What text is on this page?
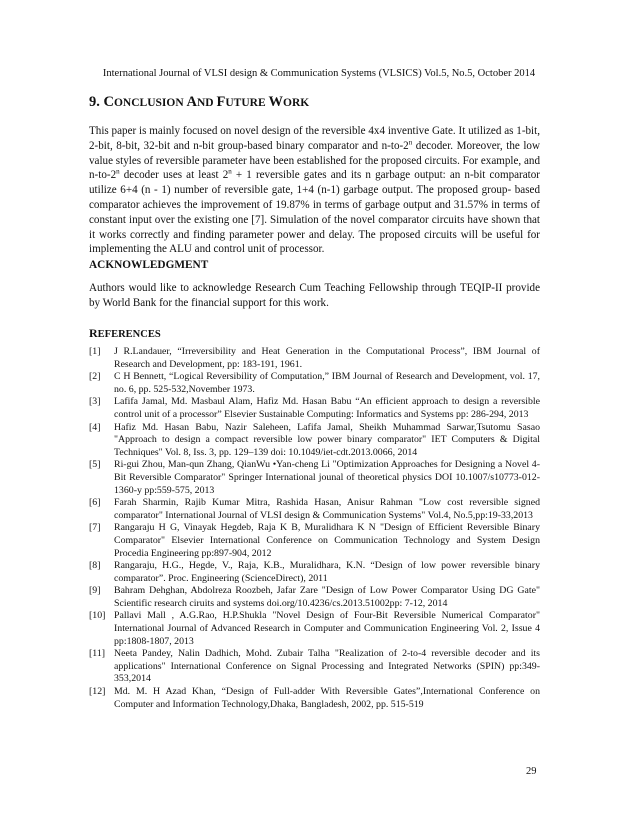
International Journal of VLSI design & Communication Systems (VLSICS) Vol.5, No.5, October 2014
9. CONCLUSION AND FUTURE WORK
This paper is mainly focused on novel design of the reversible 4x4 inventive Gate. It utilized as 1-bit, 2-bit, 8-bit, 32-bit and n-bit group-based binary comparator and n-to-2$^n$ decoder. Moreover, the low value styles of reversible parameter have been established for the proposed circuits. For example, and n-to-2$^n$ decoder uses at least $2^n + 1$ reversible gates and its n garbage output: an n-bit comparator utilize 6+4 (n - 1) number of reversible gate, 1+4 (n-1) garbage output. The proposed group- based comparator achieves the improvement of 19.87% in terms of garbage output and 31.57% in terms of constant input over the existing one [7]. Simulation of the novel comparator circuits have shown that it works correctly and finding parameter power and delay. The proposed circuits will be useful for implementing the ALU and control unit of processor.
ACKNOWLEDGMENT
Authors would like to acknowledge Research Cum Teaching Fellowship through TEQIP-II provide by World Bank for the financial support for this work.
REFERENCES
[1] J R.Landauer, “Irreversibility and Heat Generation in the Computational Process”, IBM Journal of Research and Development, pp: 183-191, 1961.
[2] C H Bennett, “Logical Reversibility of Computation,” IBM Journal of Research and Development, vol. 17, no. 6, pp. 525-532,November 1973.
[3] Lafifa Jamal, Md. Masbaul Alam, Hafiz Md. Hasan Babu “An efficient approach to design a reversible control unit of a processor” Elsevier Sustainable Computing: Informatics and Systems pp: 286-294, 2013
[4] Hafiz Md. Hasan Babu, Nazir Saleheen, Lafifa Jamal, Sheikh Muhammad Sarwar,Tsutomu Sasao "Approach to design a compact reversible low power binary comparator" IET Computers & Digital Techniques" Vol. 8, Iss. 3, pp. 129–139 doi: 10.1049/iet-cdt.2013.0066, 2014
[5] Ri-gui Zhou, Man-qun Zhang, QianWu •Yan-cheng Li "Optimization Approaches for Designing a Novel 4-Bit Reversible Comparator" Springer International jounal of theoretical physics DOI 10.1007/s10773-012-1360-y pp:559-575, 2013
[6] Farah Sharmin, Rajib Kumar Mitra, Rashida Hasan, Anisur Rahman "Low cost reversible signed comparator" International Journal of VLSI design & Communication Systems" Vol.4, No.5,pp:19-33,2013
[7] Rangaraju H G, Vinayak Hegdeb, Raja K B, Muralidhara K N "Design of Efficient Reversible Binary Comparator" Elsevier International Conference on Communication Technology and System Design Procedia Engineering pp:897-904, 2012
[8] Rangaraju, H.G., Hegde, V., Raja, K.B., Muralidhara, K.N. “Design of low power reversible binary comparator”. Proc. Engineering (ScienceDirect), 2011
[9] Bahram Dehghan, Abdolreza Roozbeh, Jafar Zare "Design of Low Power Comparator Using DG Gate" Scientific research ciruits and systems doi.org/10.4236/cs.2013.51002pp: 7-12, 2014
[10] Pallavi Mall , A.G.Rao, H.P.Shukla "Novel Design of Four-Bit Reversible Numerical Comparator" International Journal of Advanced Research in Computer and Communication Engineering Vol. 2, Issue 4 pp:1808-1807, 2013
[11] Neeta Pandey, Nalin Dadhich, Mohd. Zubair Talha "Realization of 2-to-4 reversible decoder and its applications" International Conference on Signal Processing and Integrated Networks (SPIN) pp:349-353,2014
[12] Md. M. H Azad Khan, “Design of Full-adder With Reversible Gates”,International Conference on Computer and Information Technology,Dhaka, Bangladesh, 2002, pp. 515-519
29
